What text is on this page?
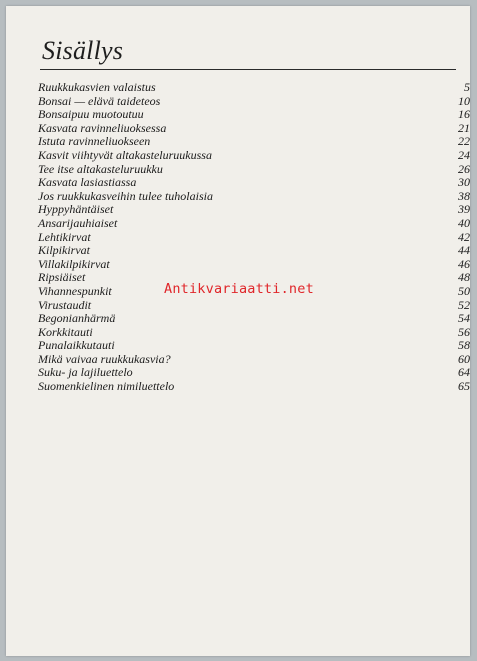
Sisällys
Ruukkukasvien valaistus	5
Bonsai — elävä taideteos	10
Bonsaipuu muotoutuu	16
Kasvata ravinneliuoksessa	21
Istuta ravinneliuokseen	22
Kasvit viihtyvät altakasteluruukussa	24
Tee itse altakasteluruukku	26
Kasvata lasiastiassa	30
Jos ruukkukasveihin tulee tuholaisia	38
Hyppyhäntäiset	39
Ansarijauhiaiset	40
Lehtikirvat	42
Kilpikirvat	44
Villakilpikirvat	46
Ripsiäiset	48
Vihannespunkit	50
Virustaudit	52
Begonianhärmä	54
Korkkitauti	56
Punalaikkutauti	58
Mikä vaivaa ruukkukasvia?	60
Suku- ja lajiluettelo	64
Suomenkielinen nimiluettelo	65
Antikvariaatti.net
